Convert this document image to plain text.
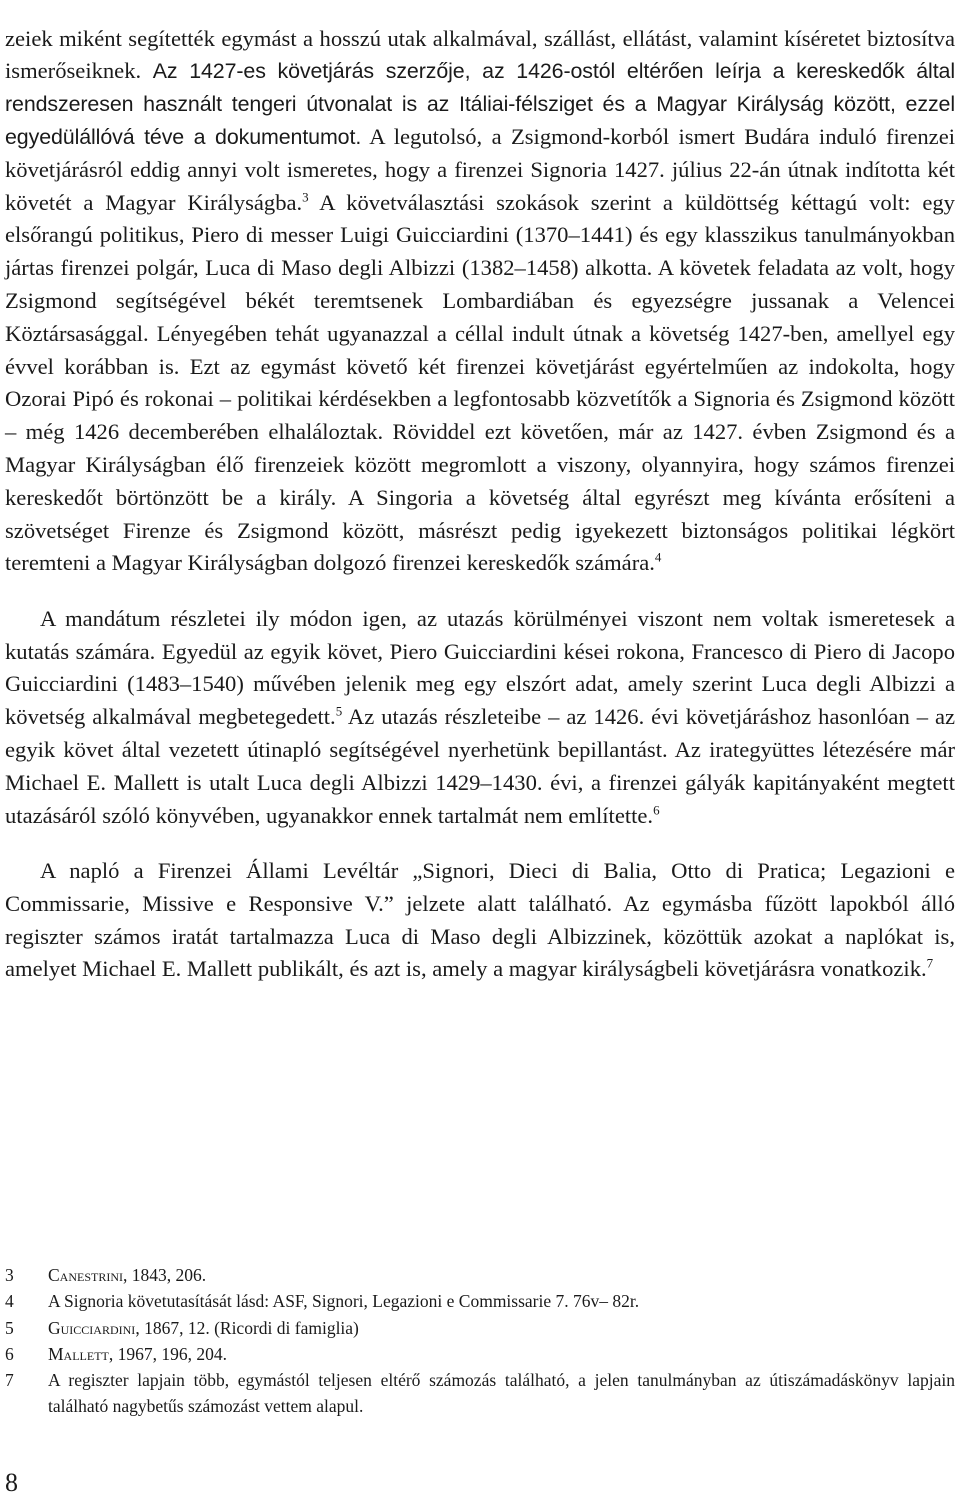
zeiek miként segítették egymást a hosszú utak alkalmával, szállást, ellátást, valamint kíséretet biztosítva ismerőseiknek. Az 1427-es követjárás szerzője, az 1426-ostól eltérően leírja a kereskedők által rendszeresen használt tengeri útvonalat is az Itáliai-félsziget és a Magyar Királyság között, ezzel egyedülállóvá téve a dokumentumot. A legutolsó, a Zsigmond-korból ismert Budára induló firenzei követjárásról eddig annyi volt ismeretes, hogy a firenzei Signoria 1427. július 22-án útnak indította két követét a Magyar Királyságba.$^3$ A követválasztási szokások szerint a küldöttség kéttagú volt: egy elsőrangú politikus, Piero di messer Luigi Guicciardini (1370–1441) és egy klasszikus tanulmányokban jártas firenzei polgár, Luca di Maso degli Albizzi (1382–1458) alkotta. A követek feladata az volt, hogy Zsigmond segítségével békét teremtsenek Lombardiában és egyezségre jussanak a Velencei Köztársasággal. Lényegében tehát ugyanazzal a céllal indult útnak a követség 1427-ben, amellyel egy évvel korábban is. Ezt az egymást követő két firenzei követjárást egyértelműen az indokolta, hogy Ozorai Pipó és rokonai – politikai kérdésekben a legfontosabb közvetítők a Signoria és Zsigmond között – még 1426 decemberében elhaláloztak. Röviddel ezt követően, már az 1427. évben Zsigmond és a Magyar Királyságban élő firenzeiek között megromlott a viszony, olyannyira, hogy számos firenzei kereskedőt börtönzött be a király. A Singoria a követség által egyrészt meg kívánta erősíteni a szövetséget Firenze és Zsigmond között, másrészt pedig igyekezett biztonságos politikai légkört teremteni a Magyar Királyságban dolgozó firenzei kereskedők számára.$^4$

A mandátum részletei ily módon igen, az utazás körülményei viszont nem voltak ismeretesek a kutatás számára. Egyedül az egyik követ, Piero Guicciardini kései rokona, Francesco di Piero di Jacopo Guicciardini (1483–1540) művében jelenik meg egy elszórt adat, amely szerint Luca degli Albizzi a követség alkalmával megbetegedett.$^5$ Az utazás részleteibe – az 1426. évi követjáráshoz hasonlóan – az egyik követ által vezetett útinapló segítségével nyerhetünk bepillantást. Az irategyüttes létezésére már Michael E. Mallett is utalt Luca degli Albizzi 1429–1430. évi, a firenzei gályák kapitányaként megtett utazásáról szóló könyvében, ugyanakkor ennek tartalmát nem említette.$^6$

A napló a Firenzei Állami Levéltár „Signori, Dieci di Balia, Otto di Pratica; Legazioni e Commissarie, Missive e Responsive V.” jelzete alatt található. Az egymásba fűzött lapokból álló regiszter számos iratát tartalmazza Luca di Maso degli Albizzinek, közöttük azokat a naplókat is, amelyet Michael E. Mallett publikált, és azt is, amely a magyar királyságbeli követjárásra vonatkozik.$^7$

3	Canestrini, 1843, 206.
4	A Signoria követutasítását lásd: ASF, Signori, Legazioni e Commissarie 7. 76v– 82r.
5	Guicciardini, 1867, 12. (Ricordi di famiglia)
6	Mallett, 1967, 196, 204.
7	A regiszter lapjain több, egymástól teljesen eltérő számozás található, a jelen tanulmányban az útiszámadáskönyv lapjain található nagybetűs számozást vettem alapul.
8
